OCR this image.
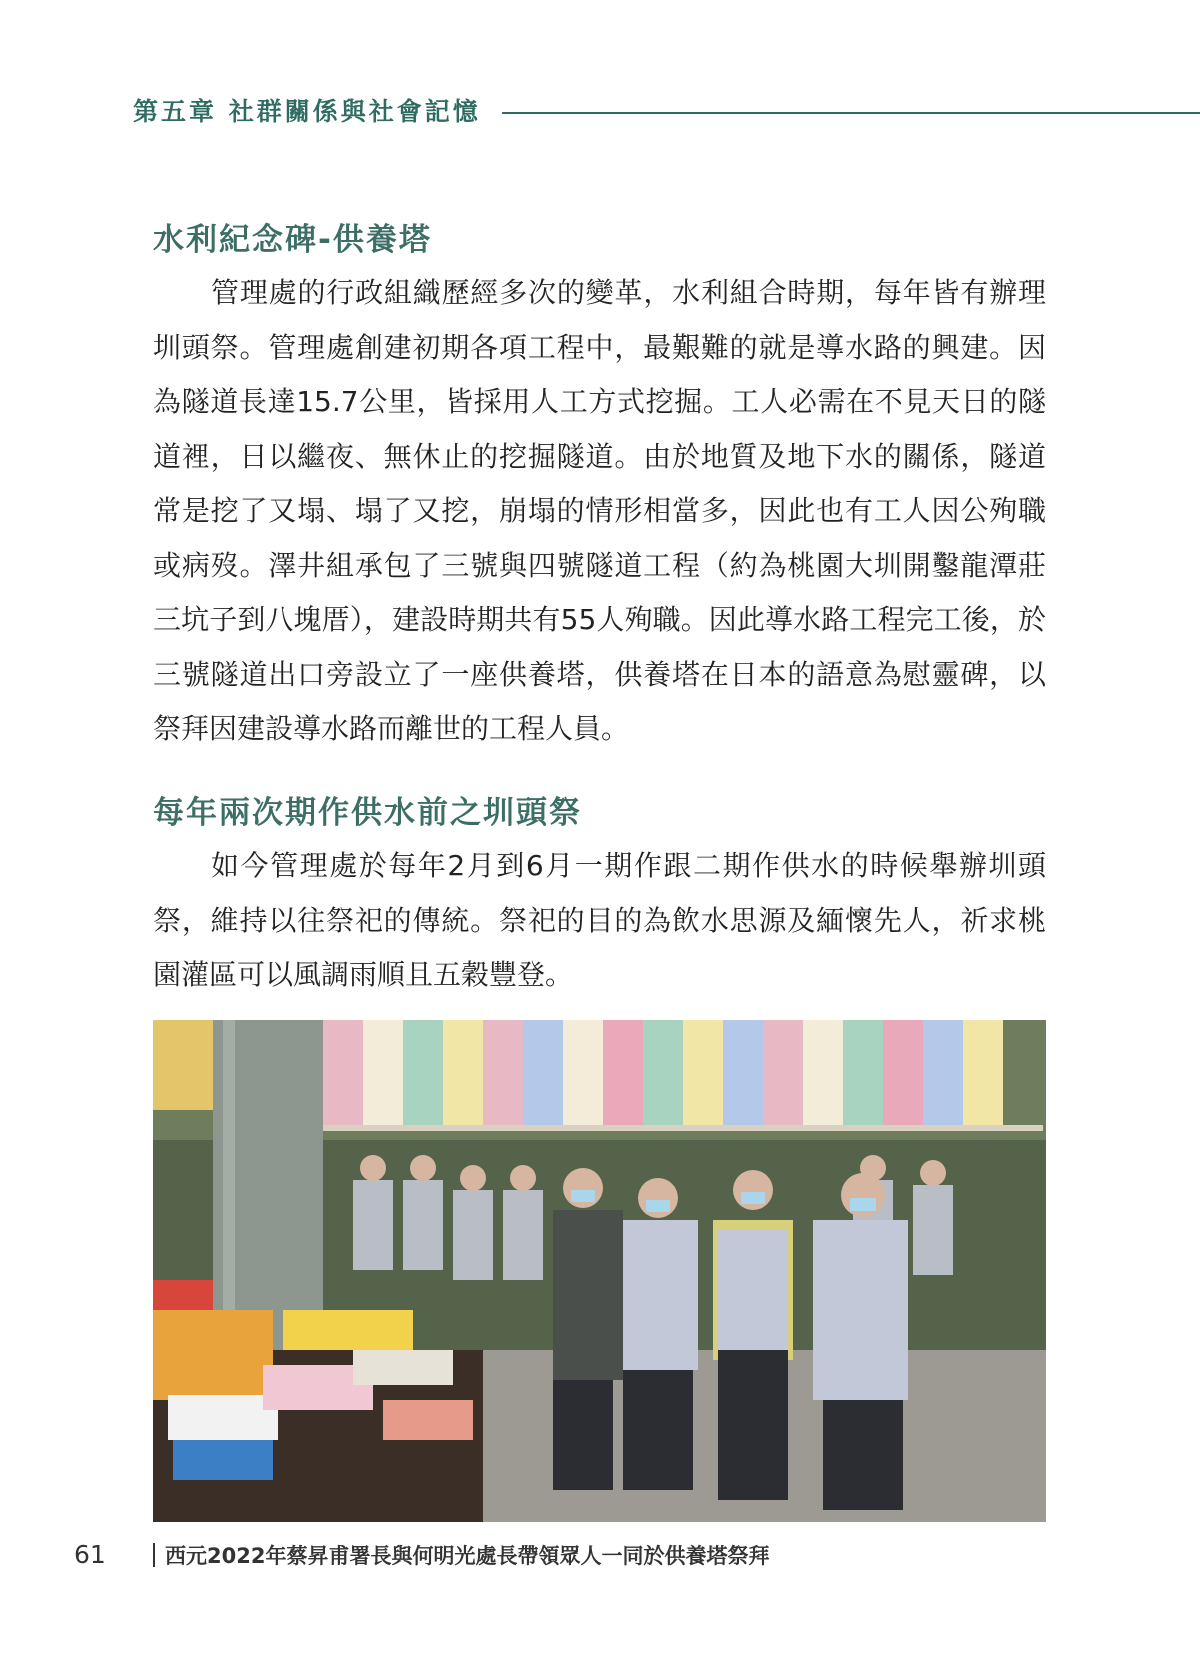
第五章 社群關係與社會記憶
水利紀念碑-供養塔

管理處的行政組織歷經多次的變革，水利組合時期，每年皆有辦理圳頭祭。管理處創建初期各項工程中，最艱難的就是導水路的興建。因為隧道長達15.7公里，皆採用人工方式挖掘。工人必需在不見天日的隧道裡，日以繼夜、無休止的挖掘隧道。由於地質及地下水的關係，隧道常是挖了又塌、塌了又挖，崩塌的情形相當多，因此也有工人因公殉職或病歿。澤井組承包了三號與四號隧道工程（約為桃園大圳開鑿龍潭莊三坑子到八塊厝），建設時期共有55人殉職。因此導水路工程完工後，於三號隧道出口旁設立了一座供養塔，供養塔在日本的語意為慰靈碑，以祭拜因建設導水路而離世的工程人員。

每年兩次期作供水前之圳頭祭

如今管理處於每年2月到6月一期作跟二期作供水的時候舉辦圳頭祭，維持以往祭祀的傳統。祭祀的目的為飲水思源及緬懷先人，祈求桃園灌區可以風調雨順且五穀豐登。

61	西元2022年蔡昇甫署長與何明光處長帶領眾人一同於供養塔祭拜
